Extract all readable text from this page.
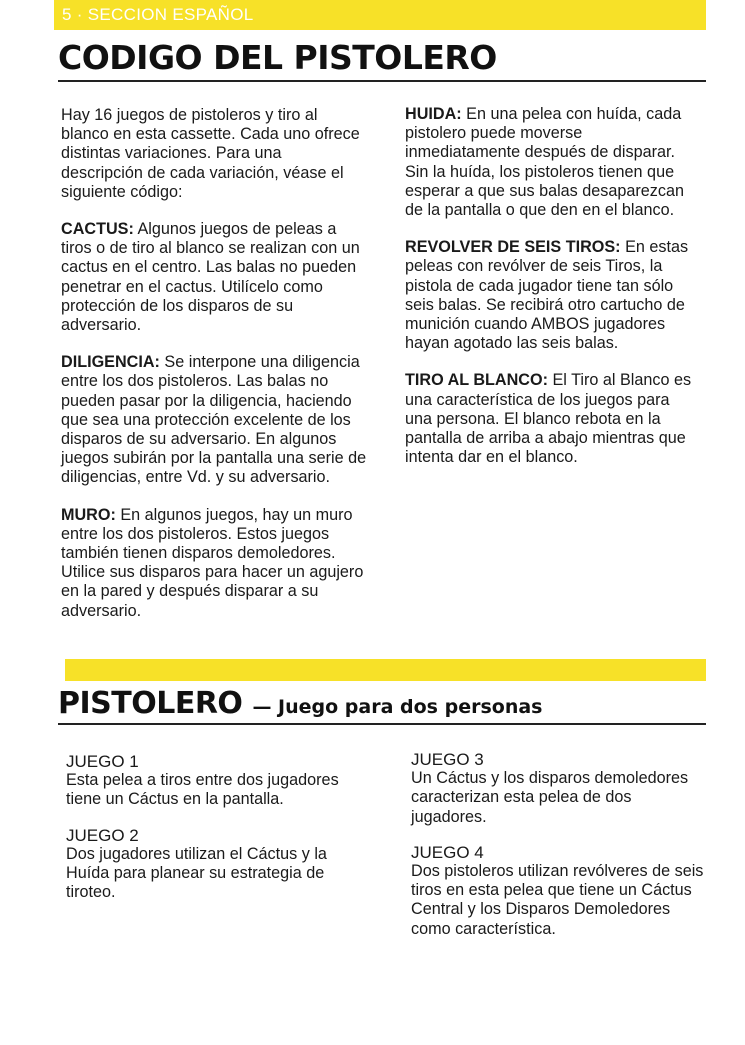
5 · SECCION ESPAÑOL
CODIGO DEL PISTOLERO

Hay 16 juegos de pistoleros y tiro al blanco en esta cassette. Cada uno ofrece distintas variaciones. Para una descripción de cada variación, véase el siguiente código:

CACTUS: Algunos juegos de peleas a tiros o de tiro al blanco se realizan con un cactus en el centro. Las balas no pueden penetrar en el cactus. Utilícelo como protección de los disparos de su adversario.

DILIGENCIA: Se interpone una diligencia entre los dos pistoleros. Las balas no pueden pasar por la diligencia, haciendo que sea una protección excelente de los disparos de su adversario. En algunos juegos subirán por la pantalla una serie de diligencias, entre Vd. y su adversario.

MURO: En algunos juegos, hay un muro entre los dos pistoleros. Estos juegos también tienen disparos demoledores. Utilice sus disparos para hacer un agujero en la pared y después disparar a su adversario.

HUIDA: En una pelea con huída, cada pistolero puede moverse inmediatamente después de disparar. Sin la huída, los pistoleros tienen que esperar a que sus balas desaparezcan de la pantalla o que den en el blanco.

REVOLVER DE SEIS TIROS: En estas peleas con revólver de seis Tiros, la pistola de cada jugador tiene tan sólo seis balas. Se recibirá otro cartucho de munición cuando AMBOS jugadores hayan agotado las seis balas.

TIRO AL BLANCO: El Tiro al Blanco es una característica de los juegos para una persona. El blanco rebota en la pantalla de arriba a abajo mientras que intenta dar en el blanco.

PISTOLERO — Juego para dos personas

JUEGO 1
Esta pelea a tiros entre dos jugadores tiene un Cáctus en la pantalla.

JUEGO 2
Dos jugadores utilizan el Cáctus y la Huída para planear su estrategia de tiroteo.

JUEGO 3
Un Cáctus y los disparos demoledores caracterizan esta pelea de dos jugadores.

JUEGO 4
Dos pistoleros utilizan revólveres de seis tiros en esta pelea que tiene un Cáctus Central y los Disparos Demoledores como característica.
